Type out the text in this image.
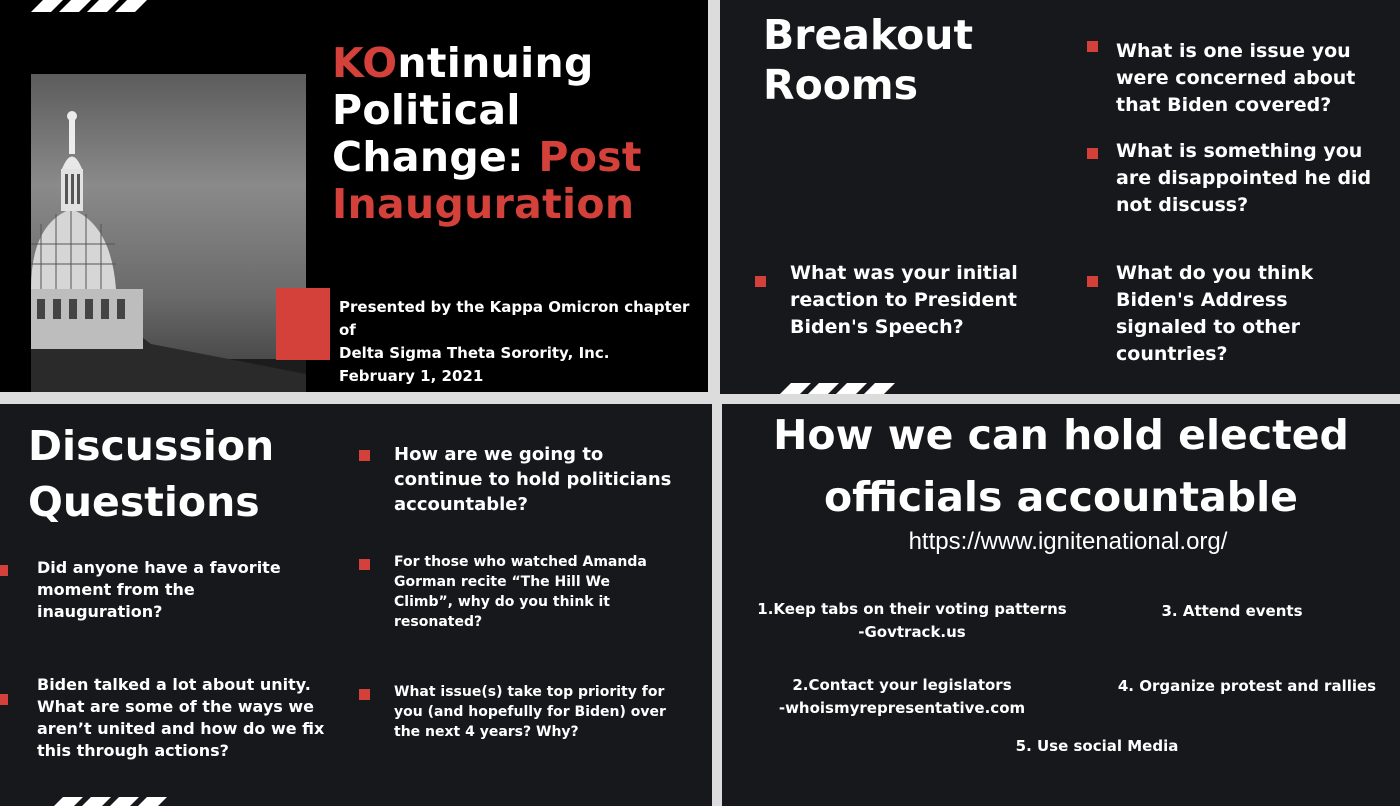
KOntinuing
Political
Change: Post
Inauguration
Presented by the Kappa Omicron chapter of
Delta Sigma Theta Sorority, Inc.
February 1, 2021
Breakout
Rooms
What is one issue you were concerned about that Biden covered?
What is something you are disappointed he did not discuss?
What was your initial reaction to President Biden's Speech?
What do you think Biden's Address signaled to other countries?
Discussion
Questions
How are we going to continue to hold politicians accountable?
Did anyone have a favorite moment from the inauguration?
For those who watched Amanda Gorman recite “The Hill We Climb”, why do you think it resonated?
Biden talked a lot about unity. What are some of the ways we aren’t united and how do we fix this through actions?
What issue(s) take top priority for you (and hopefully for Biden) over the next 4 years? Why?
How we can hold elected
officials accountable
https://www.ignitenational.org/
1.Keep tabs on their voting patterns
-Govtrack.us
3. Attend events
2.Contact your legislators
-whoismyrepresentative.com
4. Organize protest and rallies
5. Use social Media
